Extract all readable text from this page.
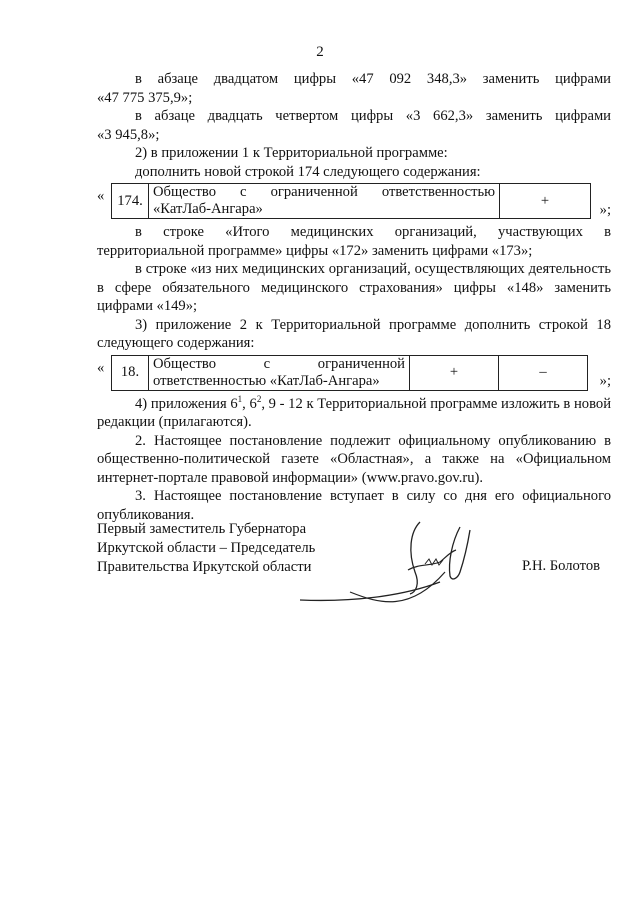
2

в абзаце двадцатом цифры «47 092 348,3» заменить цифрами

«47 775 375,9»;

в абзаце двадцать четвертом цифры «3 662,3» заменить цифрами

«3 945,8»;

2) в приложении 1 к Территориальной программе:

дополнить новой строкой 174 следующего содержания:

« 174.	
Общество с ограниченной ответственностью
«КатЛаб-Ангара»	+
»;

в строке «Итого медицинских организаций, участвующих в территориальной программе» цифры «172» заменить цифрами «173»;

в строке «из них медицинских организаций, осуществляющих деятельность в сфере обязательного медицинского страхования» цифры «148» заменить цифрами «149»;

3) приложение 2 к Территориальной программе дополнить строкой 18 следующего содержания:

« 18.	
Общество с ограниченной
ответственностью «КатЛаб-Ангара»	+	–
»;

4) приложения $6^1$, $6^2$, 9 - 12 к Территориальной программе изложить в новой редакции (прилагаются).

2. Настоящее постановление подлежит официальному опубликованию в общественно-политической газете «Областная», а также на «Официальном интернет-портале правовой информации» (www.pravo.gov.ru).

3. Настоящее постановление вступает в силу со дня его официального опубликования.

Первый заместитель Губернатора
Иркутской области – Председатель
Правительства Иркутской области	Р.Н. Болотов
